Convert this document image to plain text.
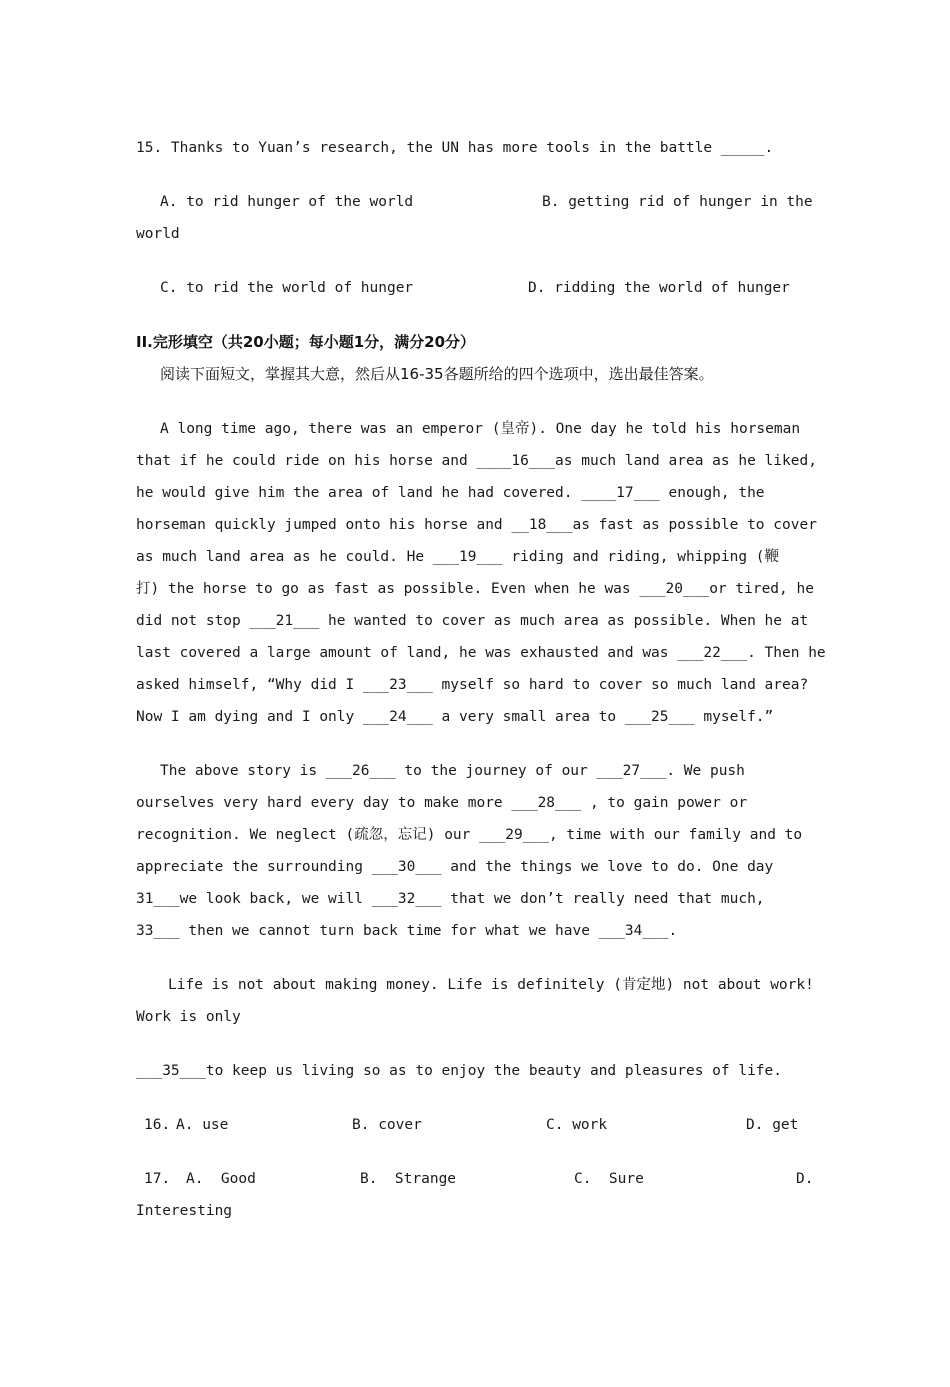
15. Thanks to Yuan’s research, the UN has more tools in the battle _____.

A. to rid hunger of the world

	B. getting rid of hunger in the

world

C. to rid the world of hunger

	D. ridding the world of hunger

II.完形填空（共20小题；每小题1分，满分20分）
阅读下面短文，掌握其大意，然后从16-35各题所给的四个选项中，选出最佳答案。
A long time ago, there was an emperor (皇帝). One day he told his horseman
that if he could ride on his horse and ____16___as much land area as he liked,
he would give him the area of land he had covered. ____17___ enough, the
horseman quickly jumped onto his horse and __18___as fast as possible to cover
as much land area as he could. He ___19___ riding and riding, whipping (鞭
打) the horse to go as fast as possible. Even when he was ___20___or tired, he
did not stop ___21___ he wanted to cover as much area as possible. When he at
last covered a large amount of land, he was exhausted and was ___22___. Then he
asked himself, “Why did I ___23___ myself so hard to cover so much land area?
Now I am dying and I only ___24___ a very small area to ___25___ myself.”
The above story is ___26___ to the journey of our ___27___. We push
ourselves very hard every day to make more ___28___ , to gain power or
recognition. We neglect (疏忽，忘记) our ___29___, time with our family and to
appreciate the surrounding ___30___ and the things we love to do. One day
31___we look back, we will ___32___ that we don’t really need that much,
33___ then we cannot turn back time for what we have ___34___.
Life is not about making money. Life is definitely (肯定地) not about work!
Work is only
___35___to keep us living so as to enjoy the beauty and pleasures of life.

16.

A. use

	B. cover

	C. work

	D. get

17.

A.  Good

	B.  Strange

	C.  Sure

	D.

Interesting
